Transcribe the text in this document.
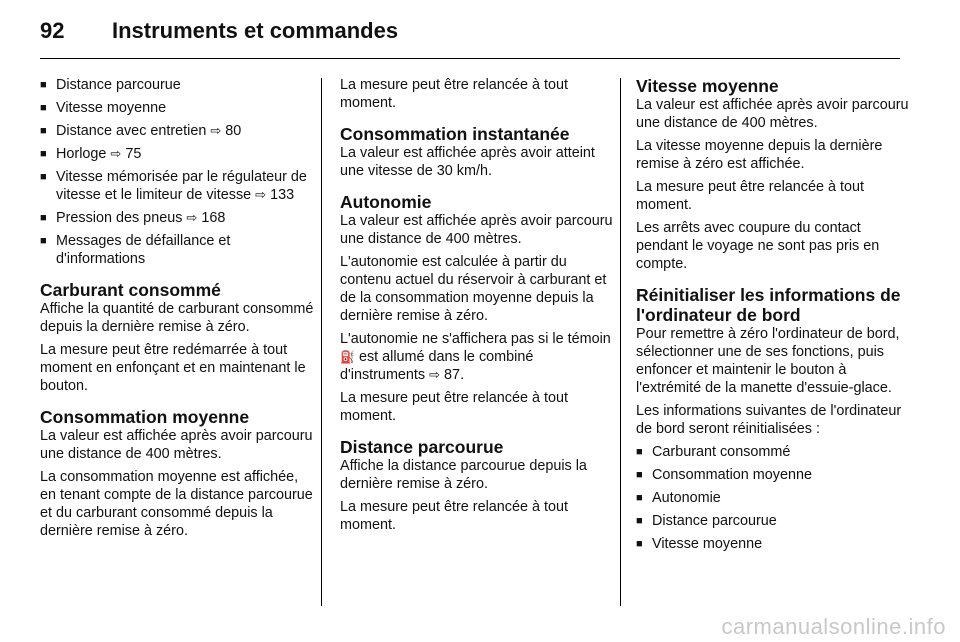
92	Instruments et commandes
■ Distance parcourue
■ Vitesse moyenne
■ Distance avec entretien ⇨ 80
■ Horloge ⇨ 75
■ Vitesse mémorisée par le régulateur de vitesse et le limiteur de vitesse ⇨ 133
■ Pression des pneus ⇨ 168
■ Messages de défaillance et d'informations
Carburant consommé

Affiche la quantité de carburant consommé depuis la dernière remise à zéro.

La mesure peut être redémarrée à tout moment en enfonçant et en maintenant le bouton.

Consommation moyenne

La valeur est affichée après avoir parcouru une distance de 400 mètres.

La consommation moyenne est affichée, en tenant compte de la distance parcourue et du carburant consommé depuis la dernière remise à zéro.

La mesure peut être relancée à tout moment.

Consommation instantanée

La valeur est affichée après avoir atteint une vitesse de 30 km/h.

Autonomie

La valeur est affichée après avoir parcouru une distance de 400 mètres.

L'autonomie est calculée à partir du contenu actuel du réservoir à carburant et de la consommation moyenne depuis la dernière remise à zéro.

L'autonomie ne s'affichera pas si le témoin ⛽ est allumé dans le combiné d'instruments ⇨ 87.

La mesure peut être relancée à tout moment.

Distance parcourue

Affiche la distance parcourue depuis la dernière remise à zéro.

La mesure peut être relancée à tout moment.

Vitesse moyenne

La valeur est affichée après avoir parcouru une distance de 400 mètres.

La vitesse moyenne depuis la dernière remise à zéro est affichée.

La mesure peut être relancée à tout moment.

Les arrêts avec coupure du contact pendant le voyage ne sont pas pris en compte.

Réinitialiser les informations de l'ordinateur de bord

Pour remettre à zéro l'ordinateur de bord, sélectionner une de ses fonctions, puis enfoncer et maintenir le bouton à l'extrémité de la manette d'essuie-glace.

Les informations suivantes de l'ordinateur de bord seront réinitialisées :

■ Carburant consommé
■ Consommation moyenne
■ Autonomie
■ Distance parcourue
■ Vitesse moyenne
carmanualsonline.info
